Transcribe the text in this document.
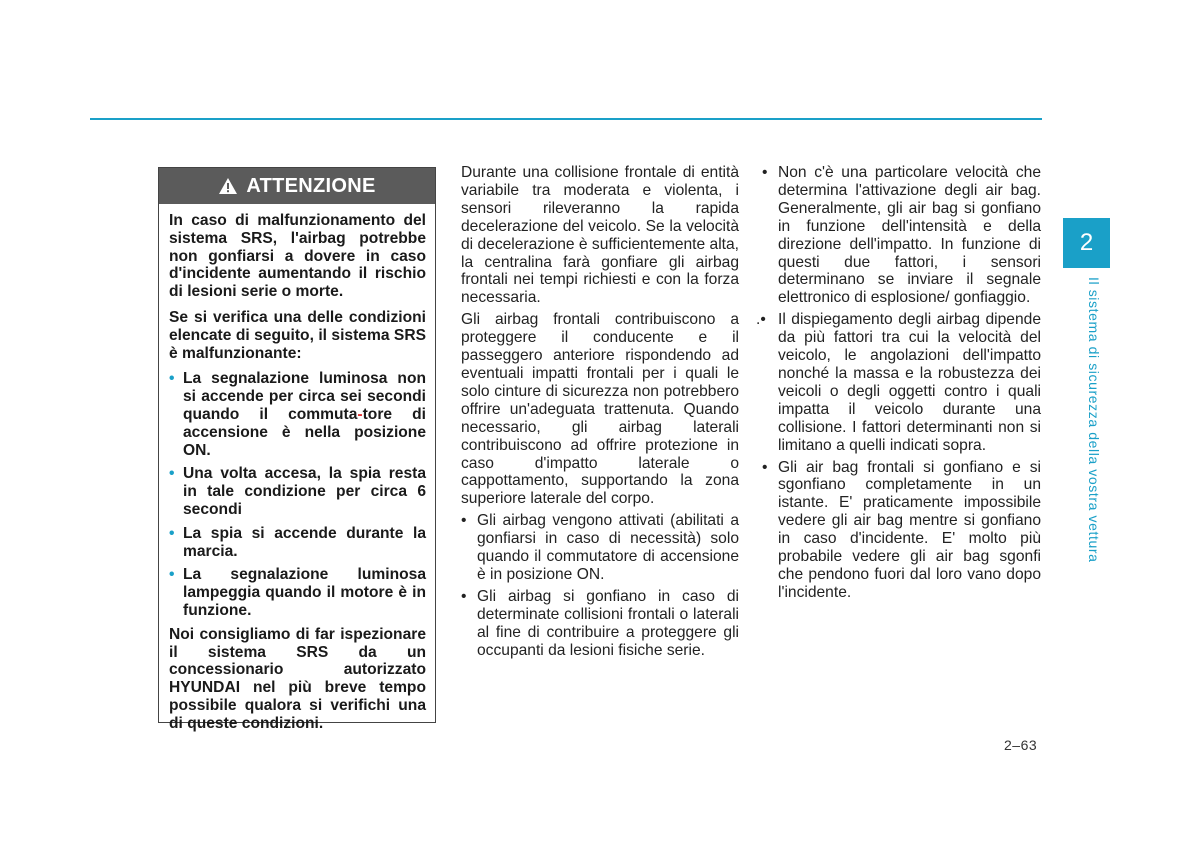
ATTENZIONE

In caso di malfunzionamento del sistema SRS, l'airbag potrebbe non gonfiarsi a dovere in caso d'incidente aumentando il rischio di lesioni serie o morte.

Se si verifica una delle condizioni elencate di seguito, il sistema SRS è malfunzionante:

• La segnalazione luminosa non si accende per circa sei secondi quando il commuta-tore di accensione è nella posizione ON.
• Una volta accesa, la spia resta in tale condizione per circa 6 secondi
• La spia si accende durante la marcia.
• La segnalazione luminosa lampeggia quando il motore è in funzione.

Noi consigliamo di far ispezionare il sistema SRS da un concessionario autorizzato HYUNDAI nel più breve tempo possibile qualora si verifichi una di queste condizioni.

Durante una collisione frontale di entità variabile tra moderata e violenta, i sensori rileveranno la rapida decelerazione del veicolo. Se la velocità di decelerazione è sufficientemente alta, la centralina farà gonfiare gli airbag frontali nei tempi richiesti e con la forza necessaria.

Gli airbag frontali contribuiscono a proteggere il conducente e il passeggero anteriore rispondendo ad eventuali impatti frontali per i quali le solo cinture di sicurezza non potrebbero offrire un'adeguata trattenuta. Quando necessario, gli airbag laterali contribuiscono ad offrire protezione in caso d'impatto laterale o cappottamento, supportando la zona superiore laterale del corpo.

• Gli airbag vengono attivati (abilitati a gonfiarsi in caso di necessità) solo quando il commutatore di accensione è in posizione ON.
• Gli airbag si gonfiano in caso di determinate collisioni frontali o laterali al fine di contribuire a proteggere gli occupanti da lesioni fisiche serie.
• Non c'è una particolare velocità che determina l'attivazione degli air bag. Generalmente, gli air bag si gonfiano in funzione dell'intensità e della direzione dell'impatto. In funzione di questi due fattori, i sensori determinano se inviare il segnale elettronico di esplosione/ gonfiaggio.
.• Il dispiegamento degli airbag dipende da più fattori tra cui la velocità del veicolo, le angolazioni dell'impatto nonché la massa e la robustezza dei veicoli o degli oggetti contro i quali impatta il veicolo durante una collisione. I fattori determinanti non si limitano a quelli indicati sopra.
• Gli air bag frontali si gonfiano e si sgonfiano completamente in un istante. E' praticamente impossibile vedere gli air bag mentre si gonfiano in caso d'incidente. E' molto più probabile vedere gli air bag sgonfi che pendono fuori dal loro vano dopo l'incidente.
2
Il sistema di sicurezza della vostra vettura
2–63
